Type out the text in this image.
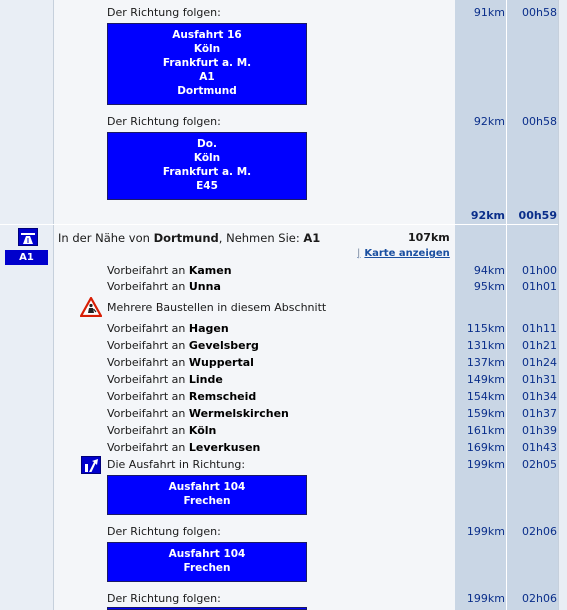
Der Richtung folgen:	91km	00h58
Ausfahrt 16
Köln
Frankfurt a. M.
A1
Dortmund
Der Richtung folgen:	92km	00h58
Do.
Köln
Frankfurt a. M.
E45
92km	00h59
A1
In der Nähe von Dortmund, Nehmen Sie: A1	107km
| Karte anzeigen
Vorbeifahrt an Kamen	94km	01h00
Vorbeifahrt an Unna	95km	01h01
Mehrere Baustellen in diesem Abschnitt
Vorbeifahrt an Hagen	115km	01h11
Vorbeifahrt an Gevelsberg	131km	01h21
Vorbeifahrt an Wuppertal	137km	01h24
Vorbeifahrt an Linde	149km	01h31
Vorbeifahrt an Remscheid	154km	01h34
Vorbeifahrt an Wermelskirchen	159km	01h37
Vorbeifahrt an Köln	161km	01h39
Vorbeifahrt an Leverkusen	169km	01h43
Die Ausfahrt in Richtung:	199km	02h05
Ausfahrt 104
Frechen
Der Richtung folgen:	199km	02h06
Ausfahrt 104
Frechen
Der Richtung folgen:	199km	02h06
